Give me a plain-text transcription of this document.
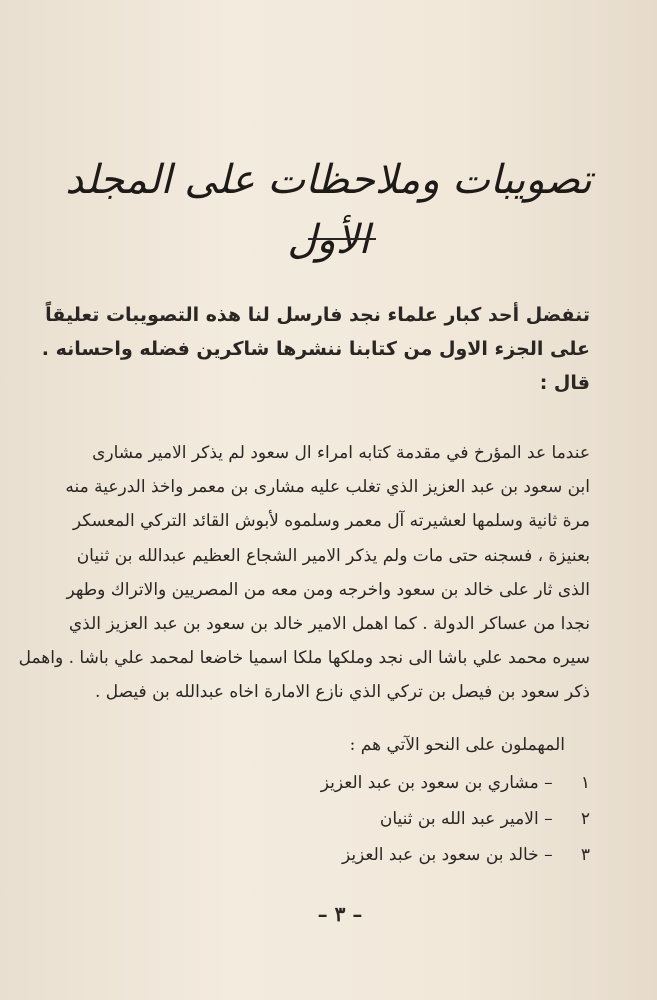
تصويبات وملاحظات على المجلد الأول
تنفضل أحد كبار علماء نجد فارسل لنا هذه التصويبات تعليقاً
على الجزء الاول من كتابنا ننشرها شاكرين فضله واحسانه .
قال :
عندما عد المؤرخ في مقدمة كتابه امراء ال سعود لم يذكر الامير مشارى
ابن سعود بن عبد العزيز الذي تغلب عليه مشارى بن معمر واخذ الدرعية منه
مرة ثانية وسلمها لعشيرته آل معمر وسلموه لأبوش القائد التركي المعسكر
بعنيزة ، فسجنه حتى مات ولم يذكر الامير الشجاع العظيم عبدالله بن ثنيان
الذى ثار على خالد بن سعود واخرجه ومن معه من المصريين والاتراك وطهر
نجدا من عساكر الدولة . كما اهمل الامير خالد بن سعود بن عبد العزيز الذي
سيره محمد علي باشا الى نجد وملكها ملكا اسميا خاضعا لمحمد علي باشا . واهمل
ذكر سعود بن فيصل بن تركي الذي نازع الامارة اخاه عبدالله بن فيصل .
المهملون على النحو الآتي هم :
١ – مشاري بن سعود بن عبد العزيز
٢ – الامير عبد الله بن ثنيان
٣ – خالد بن سعود بن عبد العزيز
– ٣ –
